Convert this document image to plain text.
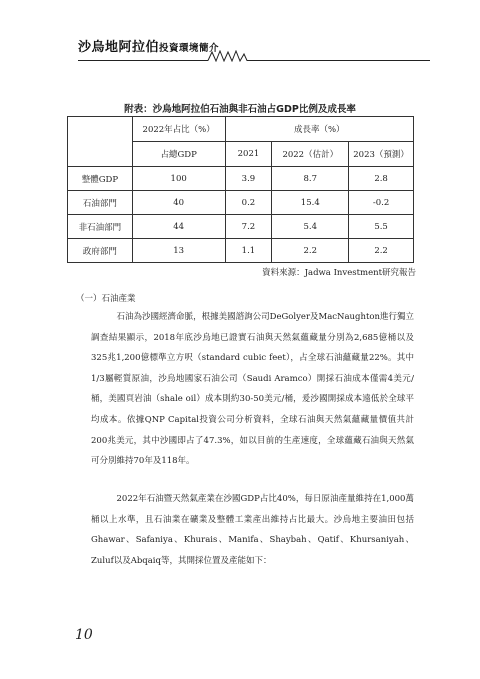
沙烏地阿拉伯投資環境簡介
附表：沙烏地阿拉伯石油與非石油占GDP比例及成長率
	2022年占比（%）	成長率（%）		
	占總GDP	2021	2022（估計）	2023（預測）
整體GDP	100	3.9	8.7	2.8
石油部門	40	0.2	15.4	-0.2
非石油部門	44	7.2	5.4	5.5
政府部門	13	1.1	2.2	2.2
資料來源：Jadwa Investment研究報告
（一）石油產業

石油為沙國經濟命脈，根據美國諮詢公司DeGolyer及MacNaughton進行獨立調查結果顯示，2018年底沙烏地已證實石油與天然氣蘊藏量分別為2,685億桶以及325兆1,200億標準立方呎（standard cubic feet），占全球石油蘊藏量22%。其中1/3屬輕質原油，沙烏地國家石油公司（Saudi Aramco）開採石油成本僅需4美元/桶，美國頁岩油（shale oil）成本則約30-50美元/桶，爰沙國開採成本遠低於全球平均成本。依據QNP Capital投資公司分析資料，全球石油與天然氣蘊藏量價值共計200兆美元，其中沙國即占了47.3%，如以目前的生產速度，全球蘊藏石油與天然氣可分別維持70年及118年。

2022年石油暨天然氣產業在沙國GDP占比40%，每日原油產量維持在1,000萬桶以上水準，且石油業在礦業及整體工業產出維持占比最大。沙烏地主要油田包括Ghawar、Safaniya、Khurais、Manifa、Shaybah、Qatif、Khursaniyah、Zuluf以及Abqaiq等，其開採位置及產能如下：

10
